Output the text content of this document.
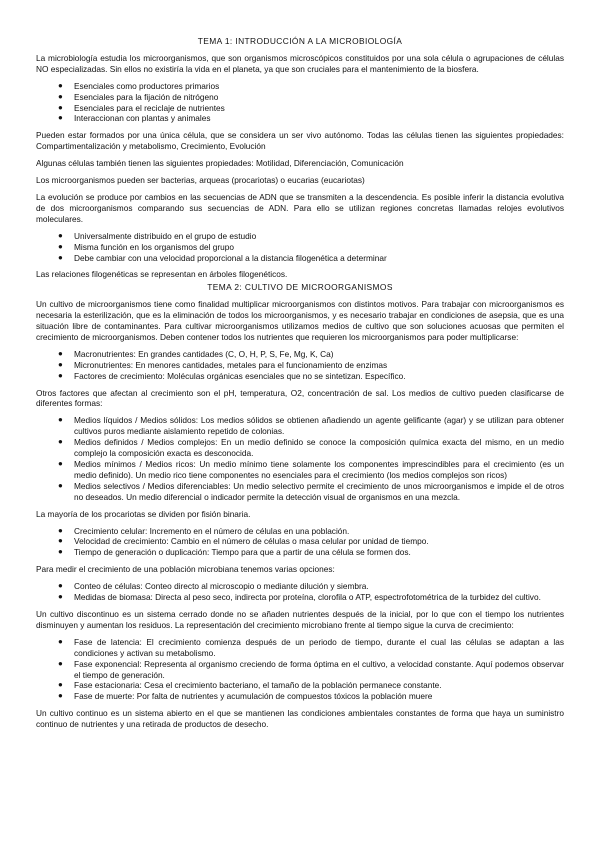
TEMA 1: INTRODUCCIÓN A LA MICROBIOLOGÍA

La microbiología estudia los microorganismos, que son organismos microscópicos constituidos por una sola célula o agrupaciones de células NO especializadas. Sin ellos no existiría la vida en el planeta, ya que son cruciales para el mantenimiento de la biosfera.

● Esenciales como productores primarios
● Esenciales para la fijación de nitrógeno
● Esenciales para el reciclaje de nutrientes
● Interaccionan con plantas y animales

Pueden estar formados por una única célula, que se considera un ser vivo autónomo. Todas las células tienen las siguientes propiedades: Compartimentalización y metabolismo, Crecimiento, Evolución

Algunas células también tienen las siguientes propiedades: Motilidad, Diferenciación, Comunicación

Los microorganismos pueden ser bacterias, arqueas (procariotas) o eucarias (eucariotas)

La evolución se produce por cambios en las secuencias de ADN que se transmiten a la descendencia. Es posible inferir la distancia evolutiva de dos microorganismos comparando sus secuencias de ADN. Para ello se utilizan regiones concretas llamadas relojes evolutivos moleculares.

● Universalmente distribuido en el grupo de estudio
● Misma función en los organismos del grupo
● Debe cambiar con una velocidad proporcional a la distancia filogenética a determinar

Las relaciones filogenéticas se representan en árboles filogenéticos.

TEMA 2: CULTIVO DE MICROORGANISMOS

Un cultivo de microorganismos tiene como finalidad multiplicar microorganismos con distintos motivos. Para trabajar con microorganismos es necesaria la esterilización, que es la eliminación de todos los microorganismos, y es necesario trabajar en condiciones de asepsia, que es una situación libre de contaminantes. Para cultivar microorganismos utilizamos medios de cultivo que son soluciones acuosas que permiten el crecimiento de microorganismos. Deben contener todos los nutrientes que requieren los microorganismos para poder multiplicarse:

● Macronutrientes: En grandes cantidades (C, O, H, P, S, Fe, Mg, K, Ca)
● Micronutrientes: En menores cantidades, metales para el funcionamiento de enzimas
● Factores de crecimiento: Moléculas orgánicas esenciales que no se sintetizan. Específico.

Otros factores que afectan al crecimiento son el pH, temperatura, O2, concentración de sal. Los medios de cultivo pueden clasificarse de diferentes formas:

● Medios líquidos / Medios sólidos: Los medios sólidos se obtienen añadiendo un agente gelificante (agar) y se utilizan para obtener cultivos puros mediante aislamiento repetido de colonias.
● Medios definidos / Medios complejos: En un medio definido se conoce la composición química exacta del mismo, en un medio complejo la composición exacta es desconocida.
● Medios mínimos / Medios ricos: Un medio mínimo tiene solamente los componentes imprescindibles para el crecimiento (es un medio definido). Un medio rico tiene componentes no esenciales para el crecimiento (los medios complejos son ricos)
● Medios selectivos / Medios diferenciables: Un medio selectivo permite el crecimiento de unos microorganismos e impide el de otros no deseados. Un medio diferencial o indicador permite la detección visual de organismos en una mezcla.

La mayoría de los procariotas se dividen por fisión binaria.

● Crecimiento celular: Incremento en el número de células en una población.
● Velocidad de crecimiento: Cambio en el número de células o masa celular por unidad de tiempo.
● Tiempo de generación o duplicación: Tiempo para que a partir de una célula se formen dos.

Para medir el crecimiento de una población microbiana tenemos varias opciones:

● Conteo de células: Conteo directo al microscopio o mediante dilución y siembra.
● Medidas de biomasa: Directa al peso seco, indirecta por proteína, clorofila o ATP, espectrofotométrica de la turbidez del cultivo.

Un cultivo discontinuo es un sistema cerrado donde no se añaden nutrientes después de la inicial, por lo que con el tiempo los nutrientes disminuyen y aumentan los residuos. La representación del crecimiento microbiano frente al tiempo sigue la curva de crecimiento:

● Fase de latencia: El crecimiento comienza después de un periodo de tiempo, durante el cual las células se adaptan a las condiciones y activan su metabolismo.
● Fase exponencial: Representa al organismo creciendo de forma óptima en el cultivo, a velocidad constante. Aquí podemos observar el tiempo de generación.
● Fase estacionaria: Cesa el crecimiento bacteriano, el tamaño de la población permanece constante.
● Fase de muerte: Por falta de nutrientes y acumulación de compuestos tóxicos la población muere

Un cultivo continuo es un sistema abierto en el que se mantienen las condiciones ambientales constantes de forma que haya un suministro continuo de nutrientes y una retirada de productos de desecho.
